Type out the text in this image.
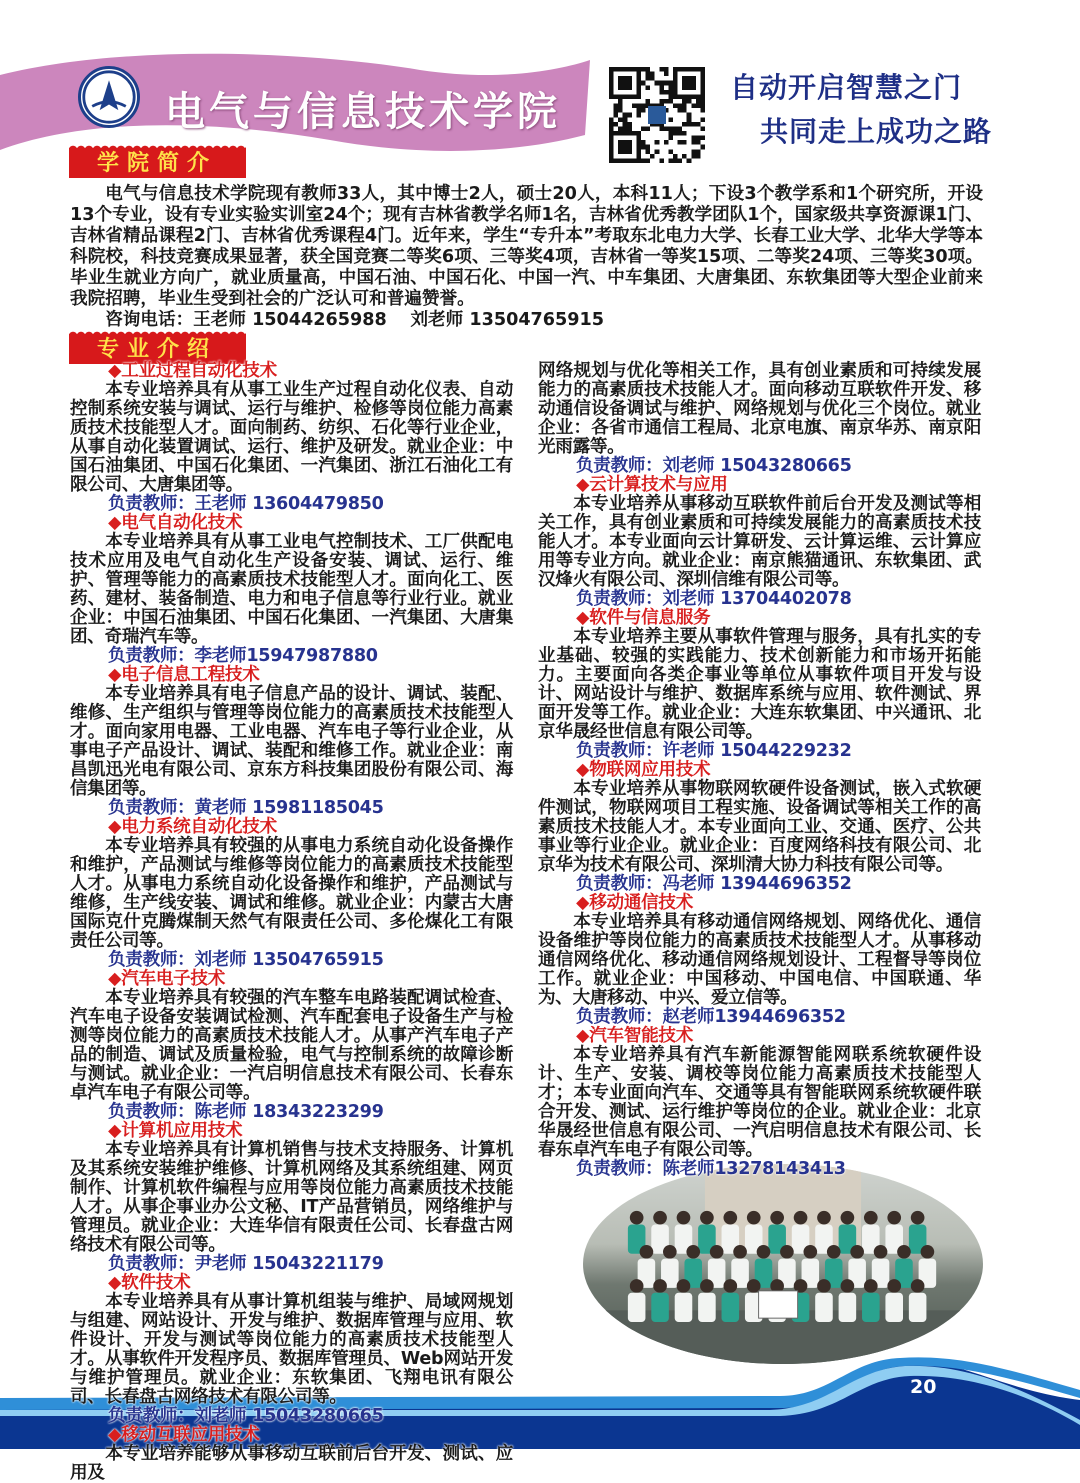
电气与信息技术学院
自动开启智慧之门
共同走上成功之路
学院简介

电气与信息技术学院现有教师33人，其中博士2人，硕士20人，本科11人；下设3个教学系和1个研究所，开设13个专业，设有专业实验实训室24个；现有吉林省教学名师1名，吉林省优秀教学团队1个，国家级共享资源课1门、吉林省精品课程2门、吉林省优秀课程4门。近年来，学生“专升本”考取东北电力大学、长春工业大学、北华大学等本科院校，科技竞赛成果显著，获全国竞赛二等奖6项、三等奖4项，吉林省一等奖15项、二等奖24项、三等奖30项。毕业生就业方向广，就业质量高，中国石油、中国石化、中国一汽、中车集团、大唐集团、东软集团等大型企业前来我院招聘，毕业生受到社会的广泛认可和普遍赞誉。

咨询电话：王老师 15044265988　 刘老师 13504765915

专业介绍
◆ 工业过程自动化技术
本专业培养具有从事工业生产过程自动化仪表、自动控制系统安装与调试、运行与维护、检修等岗位能力高素质技术技能型人才。面向制药、纺织、石化等行业企业，从事自动化装置调试、运行、维护及研发。就业企业：中国石油集团、中国石化集团、一汽集团、浙江石油化工有限公司、大唐集团等。
负责教师：王老师 13604479850
◆ 电气自动化技术
本专业培养具有从事工业电气控制技术、工厂供配电技术应用及电气自动化生产设备安装、调试、运行、维护、管理等能力的高素质技术技能型人才。面向化工、医药、建材、装备制造、电力和电子信息等行业行业。就业企业：中国石油集团、中国石化集团、一汽集团、大唐集团、奇瑞汽车等。
负责教师：李老师15947987880
◆ 电子信息工程技术
本专业培养具有电子信息产品的设计、调试、装配、维修、生产组织与管理等岗位能力的高素质技术技能型人才。面向家用电器、工业电器、汽车电子等行业企业，从事电子产品设计、调试、装配和维修工作。就业企业：南昌凯迅光电有限公司、京东方科技集团股份有限公司、海信集团等。
负责教师：黄老师 15981185045
◆ 电力系统自动化技术
本专业培养具有较强的从事电力系统自动化设备操作和维护，产品测试与维修等岗位能力的高素质技术技能型人才。从事电力系统自动化设备操作和维护，产品测试与维修，生产线安装、调试和维修。就业企业：内蒙古大唐国际克什克腾煤制天然气有限责任公司、多伦煤化工有限责任公司等。
负责教师：刘老师 13504765915
◆ 汽车电子技术
本专业培养具有较强的汽车整车电路装配调试检查、汽车电子设备安装调试检测、汽车配套电子设备生产与检测等岗位能力的高素质技术技能人才。从事产汽车电子产品的制造、调试及质量检验，电气与控制系统的故障诊断与测试。就业企业：一汽启明信息技术有限公司、长春东卓汽车电子有限公司等。
负责教师：陈老师 18343223299
◆ 计算机应用技术
本专业培养具有计算机销售与技术支持服务、计算机及其系统安装维护维修、计算机网络及其系统组建、网页制作、计算机软件编程与应用等岗位能力高素质技术技能人才。从事企事业办公文秘、IT产品营销员，网络维护与管理员。就业企业：大连华信有限责任公司、长春盘古网络技术有限公司等。
负责教师：尹老师 15043221179
◆ 软件技术
本专业培养具有从事计算机组装与维护、局域网规划与组建、网站设计、开发与维护、数据库管理与应用、软件设计、开发与测试等岗位能力的高素质技术技能型人才。从事软件开发程序员、数据库管理员、Web网站开发与维护管理员。就业企业：东软集团、飞翔电讯有限公司、长春盘古网络技术有限公司等。
负责教师：刘老师 15043280665
◆ 移动互联应用技术
本专业培养能够从事移动互联前后台开发、测试、应用及
网络规划与优化等相关工作，具有创业素质和可持续发展能力的高素质技术技能人才。面向移动互联软件开发、移动通信设备调试与维护、网络规划与优化三个岗位。就业企业：各省市通信工程局、北京电旗、南京华苏、南京阳光雨露等。
负责教师：刘老师 15043280665
◆ 云计算技术与应用
本专业培养从事移动互联软件前后台开发及测试等相关工作，具有创业素质和可持续发展能力的高素质技术技能人才。本专业面向云计算研发、云计算运维、云计算应用等专业方向。就业企业：南京熊猫通讯、东软集团、武汉烽火有限公司、深圳信维有限公司等。
负责教师：刘老师 13704402078
◆ 软件与信息服务
本专业培养主要从事软件管理与服务，具有扎实的专业基础、较强的实践能力、技术创新能力和市场开拓能力。主要面向各类企事业等单位从事软件项目开发与设计、网站设计与维护、数据库系统与应用、软件测试、界面开发等工作。就业企业：大连东软集团、中兴通讯、北京华晟经世信息有限公司等。
负责教师：许老师 15044229232
◆ 物联网应用技术
本专业培养从事物联网软硬件设备测试，嵌入式软硬件测试，物联网项目工程实施、设备调试等相关工作的高素质技术技能人才。本专业面向工业、交通、医疗、公共事业等行业企业。就业企业：百度网络科技有限公司、北京华为技术有限公司、深圳清大协力科技有限公司等。
负责教师：冯老师 13944696352
◆ 移动通信技术
本专业培养具有移动通信网络规划、网络优化、通信设备维护等岗位能力的高素质技术技能型人才。从事移动通信网络优化、移动通信网络规划设计、工程督导等岗位工作。就业企业：中国移动、中国电信、中国联通、华为、大唐移动、中兴、爱立信等。
负责教师：赵老师13944696352
◆ 汽车智能技术
本专业培养具有汽车新能源智能网联系统软硬件设计、生产、安装、调校等岗位能力高素质技术技能型人才；本专业面向汽车、交通等具有智能联网系统软硬件联合开发、测试、运行维护等岗位的企业。就业企业：北京华晟经世信息有限公司、一汽启明信息技术有限公司、长春东卓汽车电子有限公司等。
负责教师：陈老师13278143413
20
